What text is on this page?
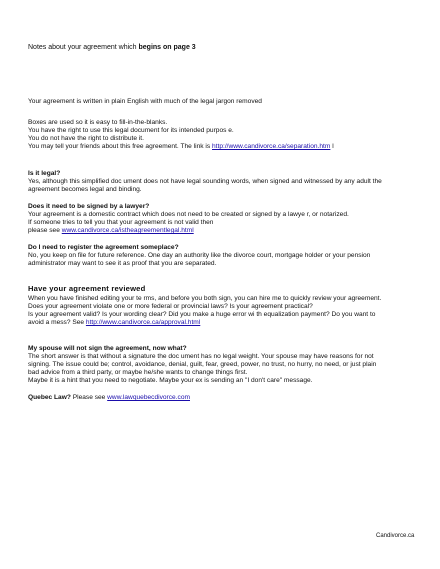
Notes about your agreement which begins on page 3
Your agreement is written in plain English with much of the legal jargon removed
Boxes are used so it is easy to fill-in-the-blanks.
You have the right to use this legal document for its intended purpos e.
You do not have the right to distribute it.
You may tell your friends about this free agreement. The link is http://www.candivorce.ca/separation.htm l
Is it legal?
Yes, although this simplified doc ument does not have legal sounding words, when signed and witnessed by any adult the
agreement becomes legal and binding.
Does it need to be signed by a lawyer?
Your agreement is a domestic contract which does not need to be created or signed by a lawye r, or notarized.
If someone tries to tell you that your agreement is not valid then
please see www.candivorce.ca/istheagreementlegal.html
Do I need to register the agreement someplace?
No, you keep on file for future reference. One day an authority like the divorce court, mortgage holder or your pension
administrator may want to see it as proof that you are separated.
Have your agreement reviewed
When you have finished editing your te rms, and before you both sign, you can hire me to quickly review your agreement.
Does your agreement violate one or more federal or provincial laws? Is your agreement practical?
Is your agreement valid? Is your wording clear? Did you make a huge error wi th equalization payment? Do you want to
avoid a mess? See http://www.candivorce.ca/approval.html
My spouse will not sign the agreement, now what?
The short answer is that without a signature the doc ument has no legal weight. Your spouse may have reasons for not
signing. The issue could be; control, avoidance, denial, guilt, fear, greed, power, no trust, no hurry, no need, or just plain
bad advice from a third party, or maybe he/she wants to change things first.
Maybe it is a hint that you need to negotiate. Maybe your ex is sending an "I don't care" message.
Quebec Law? Please see www.lawquebecdivorce.com
Candivorce.ca
